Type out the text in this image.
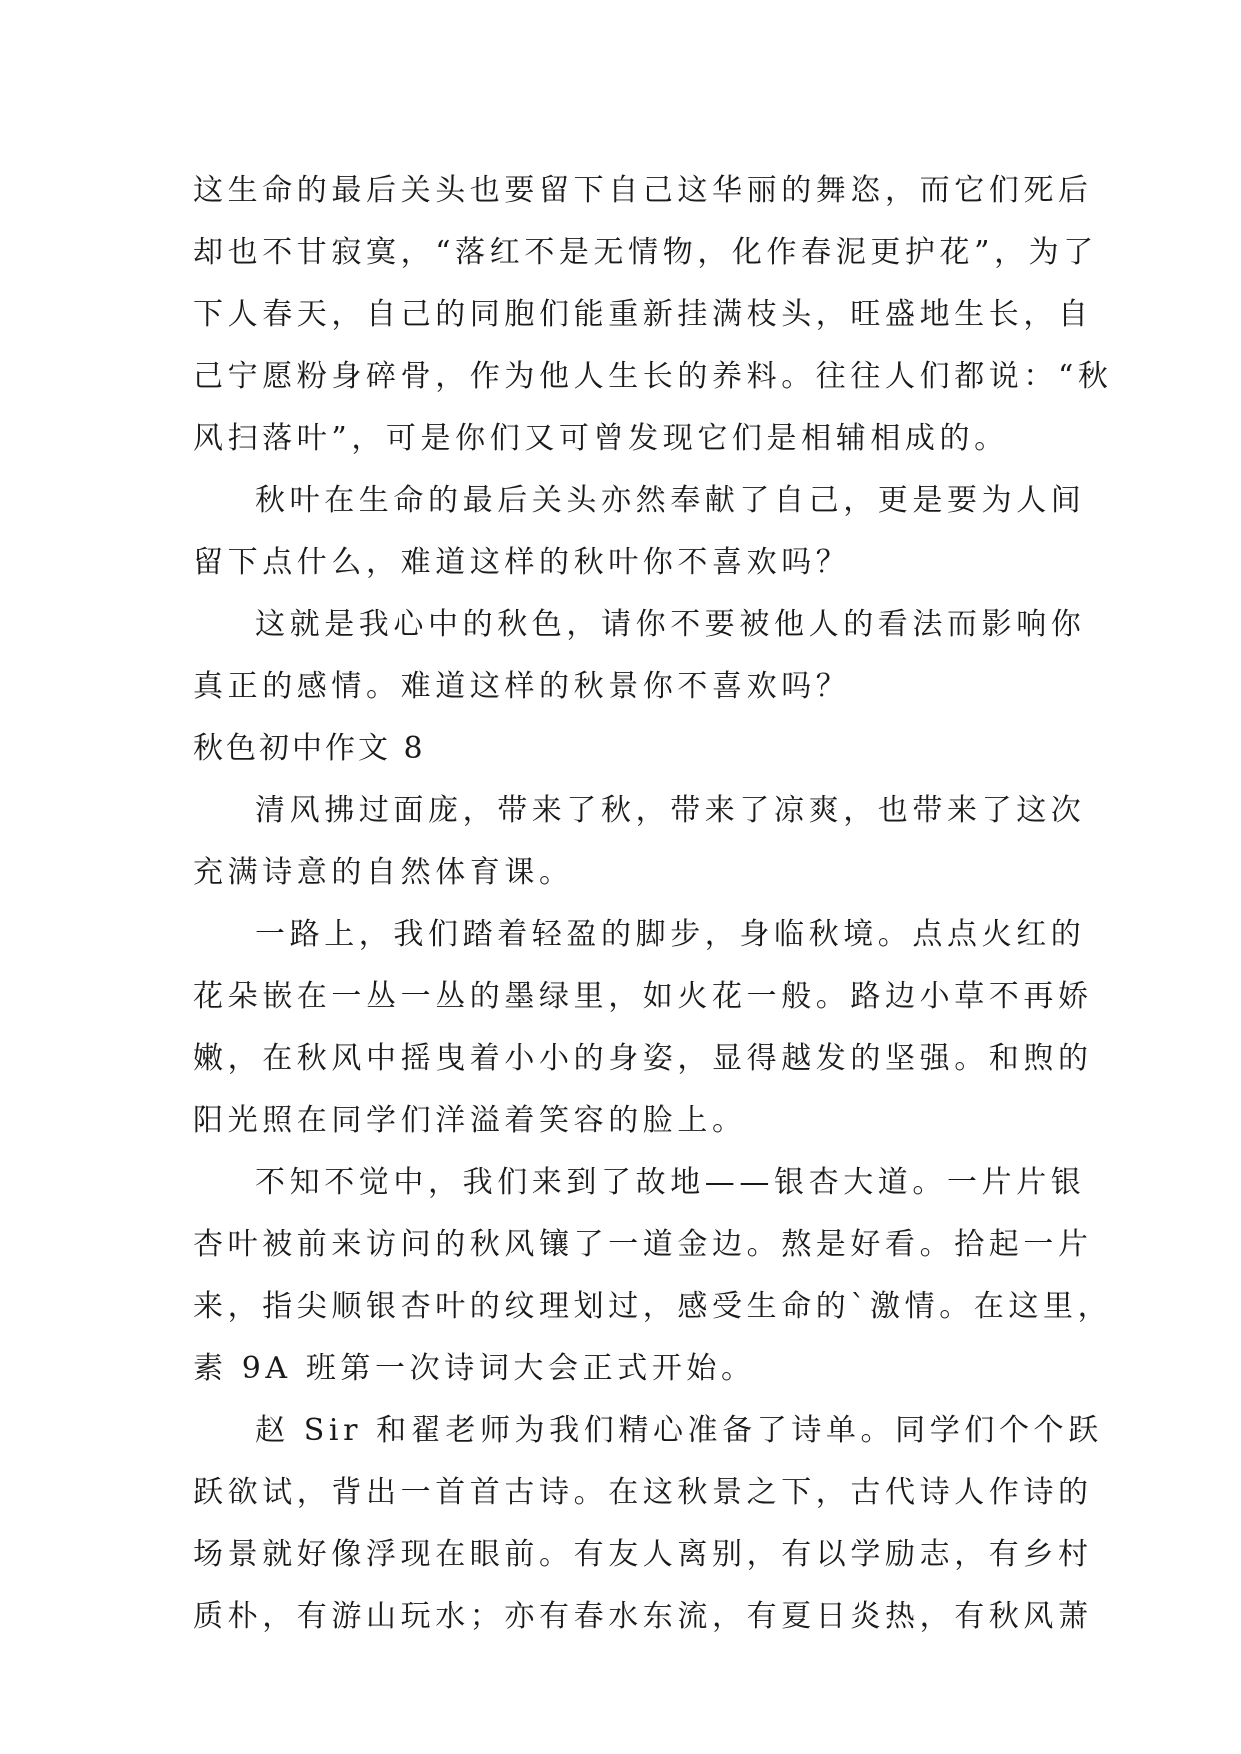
这生命的最后关头也要留下自己这华丽的舞恣，而它们死后
却也不甘寂寞，“落红不是无情物，化作春泥更护花”，为了
下人春天，自己的同胞们能重新挂满枝头，旺盛地生长，自
己宁愿粉身碎骨，作为他人生长的养料。往往人们都说：“秋
风扫落叶”，可是你们又可曾发现它们是相辅相成的。
秋叶在生命的最后关头亦然奉献了自己，更是要为人间
留下点什么，难道这样的秋叶你不喜欢吗？
这就是我心中的秋色，请你不要被他人的看法而影响你
真正的感情。难道这样的秋景你不喜欢吗？
秋色初中作文 8
清风拂过面庞，带来了秋，带来了凉爽，也带来了这次
充满诗意的自然体育课。
一路上，我们踏着轻盈的脚步，身临秋境。点点火红的
花朵嵌在一丛一丛的墨绿里，如火花一般。路边小草不再娇
嫩，在秋风中摇曳着小小的身姿，显得越发的坚强。和煦的
阳光照在同学们洋溢着笑容的脸上。
不知不觉中，我们来到了故地——银杏大道。一片片银
杏叶被前来访问的秋风镶了一道金边。熬是好看。拾起一片
来，指尖顺银杏叶的纹理划过，感受生命的`激情。在这里，
素 9A 班第一次诗词大会正式开始。
赵 Sir 和翟老师为我们精心准备了诗单。同学们个个跃
跃欲试，背出一首首古诗。在这秋景之下，古代诗人作诗的
场景就好像浮现在眼前。有友人离别，有以学励志，有乡村
质朴，有游山玩水；亦有春水东流，有夏日炎热，有秋风萧
